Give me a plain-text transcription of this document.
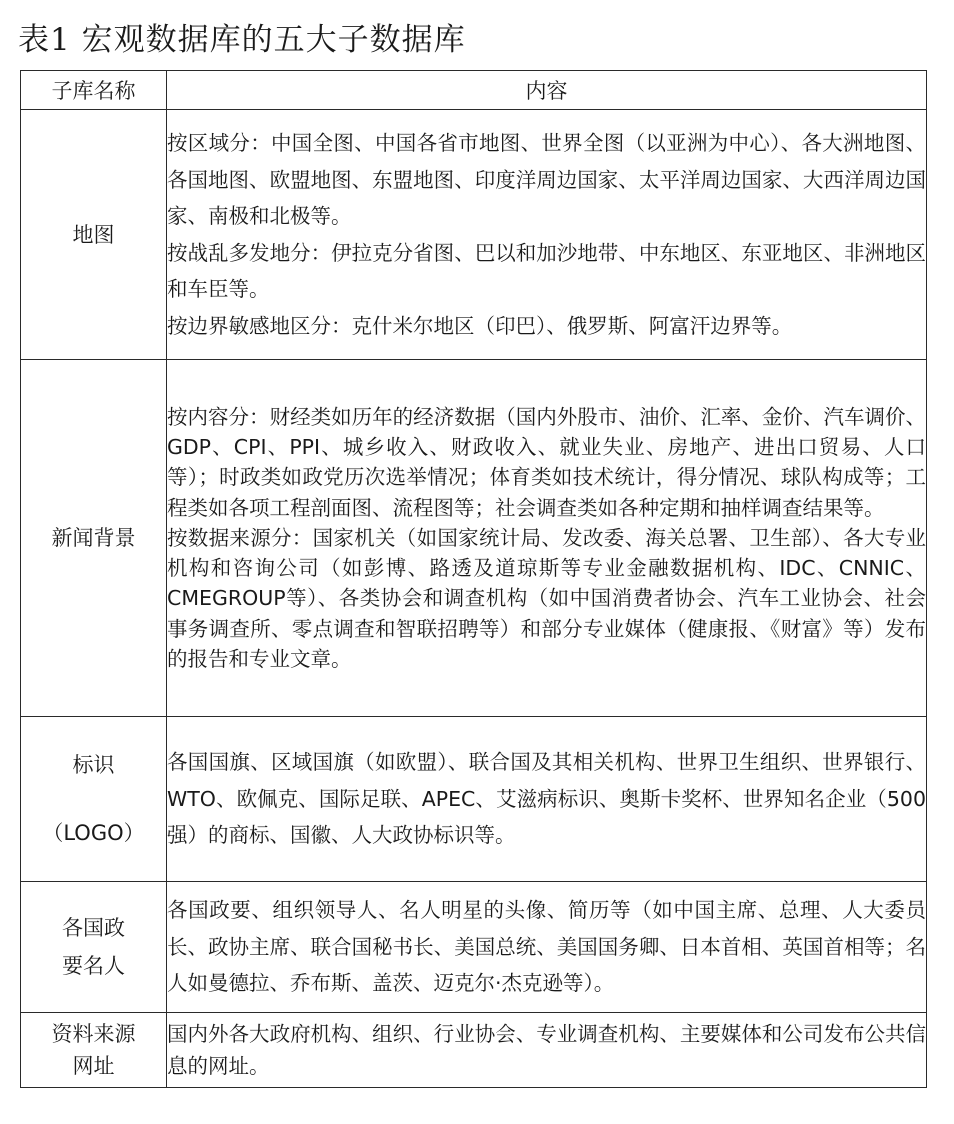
表1 宏观数据库的五大子数据库
子库名称	内容

地图	按区域分：中国全图、中国各省市地图、世界全图（以亚洲为中心）、各大洲地图、各国地图、欧盟地图、东盟地图、印度洋周边国家、太平洋周边国家、大西洋周边国家、南极和北极等。
按战乱多发地分：伊拉克分省图、巴以和加沙地带、中东地区、东亚地区、非洲地区和车臣等。
按边界敏感地区分：克什米尔地区（印巴）、俄罗斯、阿富汗边界等。

新闻背景	按内容分：财经类如历年的经济数据（国内外股市、油价、汇率、金价、汽车调价、GDP、CPI、PPI、城乡收入、财政收入、就业失业、房地产、进出口贸易、人口等）；时政类如政党历次选举情况；体育类如技术统计，得分情况、球队构成等；工程类如各项工程剖面图、流程图等；社会调查类如各种定期和抽样调查结果等。
按数据来源分：国家机关（如国家统计局、发改委、海关总署、卫生部）、各大专业机构和咨询公司（如彭博、路透及道琼斯等专业金融数据机构、IDC、CNNIC、CMEGROUP等）、各类协会和调查机构（如中国消费者协会、汽车工业协会、社会事务调查所、零点调查和智联招聘等）和部分专业媒体（健康报、《财富》等）发布的报告和专业文章。

标识
（LOGO）	各国国旗、区域国旗（如欧盟）、联合国及其相关机构、世界卫生组织、世界银行、WTO、欧佩克、国际足联、APEC、艾滋病标识、奥斯卡奖杯、世界知名企业（500强）的商标、国徽、人大政协标识等。

各国政
要名人	各国政要、组织领导人、名人明星的头像、简历等（如中国主席、总理、人大委员长、政协主席、联合国秘书长、美国总统、美国国务卿、日本首相、英国首相等；名人如曼德拉、乔布斯、盖茨、迈克尔·杰克逊等）。

资料来源
网址	国内外各大政府机构、组织、行业协会、专业调查机构、主要媒体和公司发布公共信息的网址。
